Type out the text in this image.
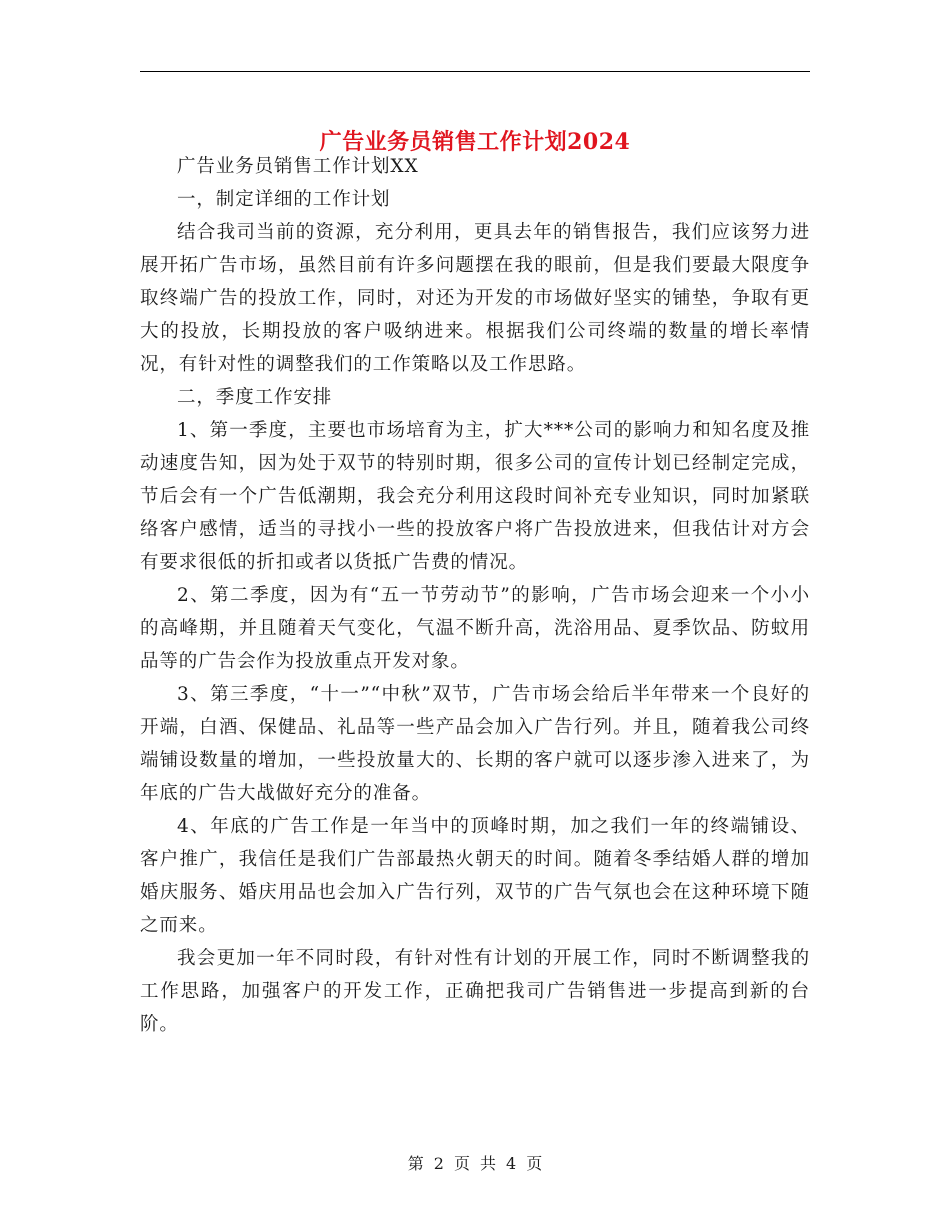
广告业务员销售工作计划2024

广告业务员销售工作计划XX

一，制定详细的工作计划

结合我司当前的资源，充分利用，更具去年的销售报告，我们应该努力进展开拓广告市场，虽然目前有许多问题摆在我的眼前，但是我们要最大限度争取终端广告的投放工作，同时，对还为开发的市场做好坚实的铺垫，争取有更大的投放，长期投放的客户吸纳进来。根据我们公司终端的数量的增长率情况，有针对性的调整我们的工作策略以及工作思路。

二，季度工作安排

1、第一季度，主要也市场培育为主，扩大***公司的影响力和知名度及推动速度告知，因为处于双节的特别时期，很多公司的宣传计划已经制定完成，节后会有一个广告低潮期，我会充分利用这段时间补充专业知识，同时加紧联络客户感情，适当的寻找小一些的投放客户将广告投放进来，但我估计对方会有要求很低的折扣或者以货抵广告费的情况。

2、第二季度，因为有“五一节劳动节”的影响，广告市场会迎来一个小小的高峰期，并且随着天气变化，气温不断升高，洗浴用品、夏季饮品、防蚊用品等的广告会作为投放重点开发对象。

3、第三季度，“十一”“中秋”双节，广告市场会给后半年带来一个良好的开端，白酒、保健品、礼品等一些产品会加入广告行列。并且，随着我公司终端铺设数量的增加，一些投放量大的、长期的客户就可以逐步渗入进来了，为年底的广告大战做好充分的准备。

4、年底的广告工作是一年当中的顶峰时期，加之我们一年的终端铺设、客户推广，我信任是我们广告部最热火朝天的时间。随着冬季结婚人群的增加婚庆服务、婚庆用品也会加入广告行列，双节的广告气氛也会在这种环境下随之而来。

我会更加一年不同时段，有针对性有计划的开展工作，同时不断调整我的工作思路，加强客户的开发工作，正确把我司广告销售进一步提高到新的台阶。

第 2 页 共 4 页
